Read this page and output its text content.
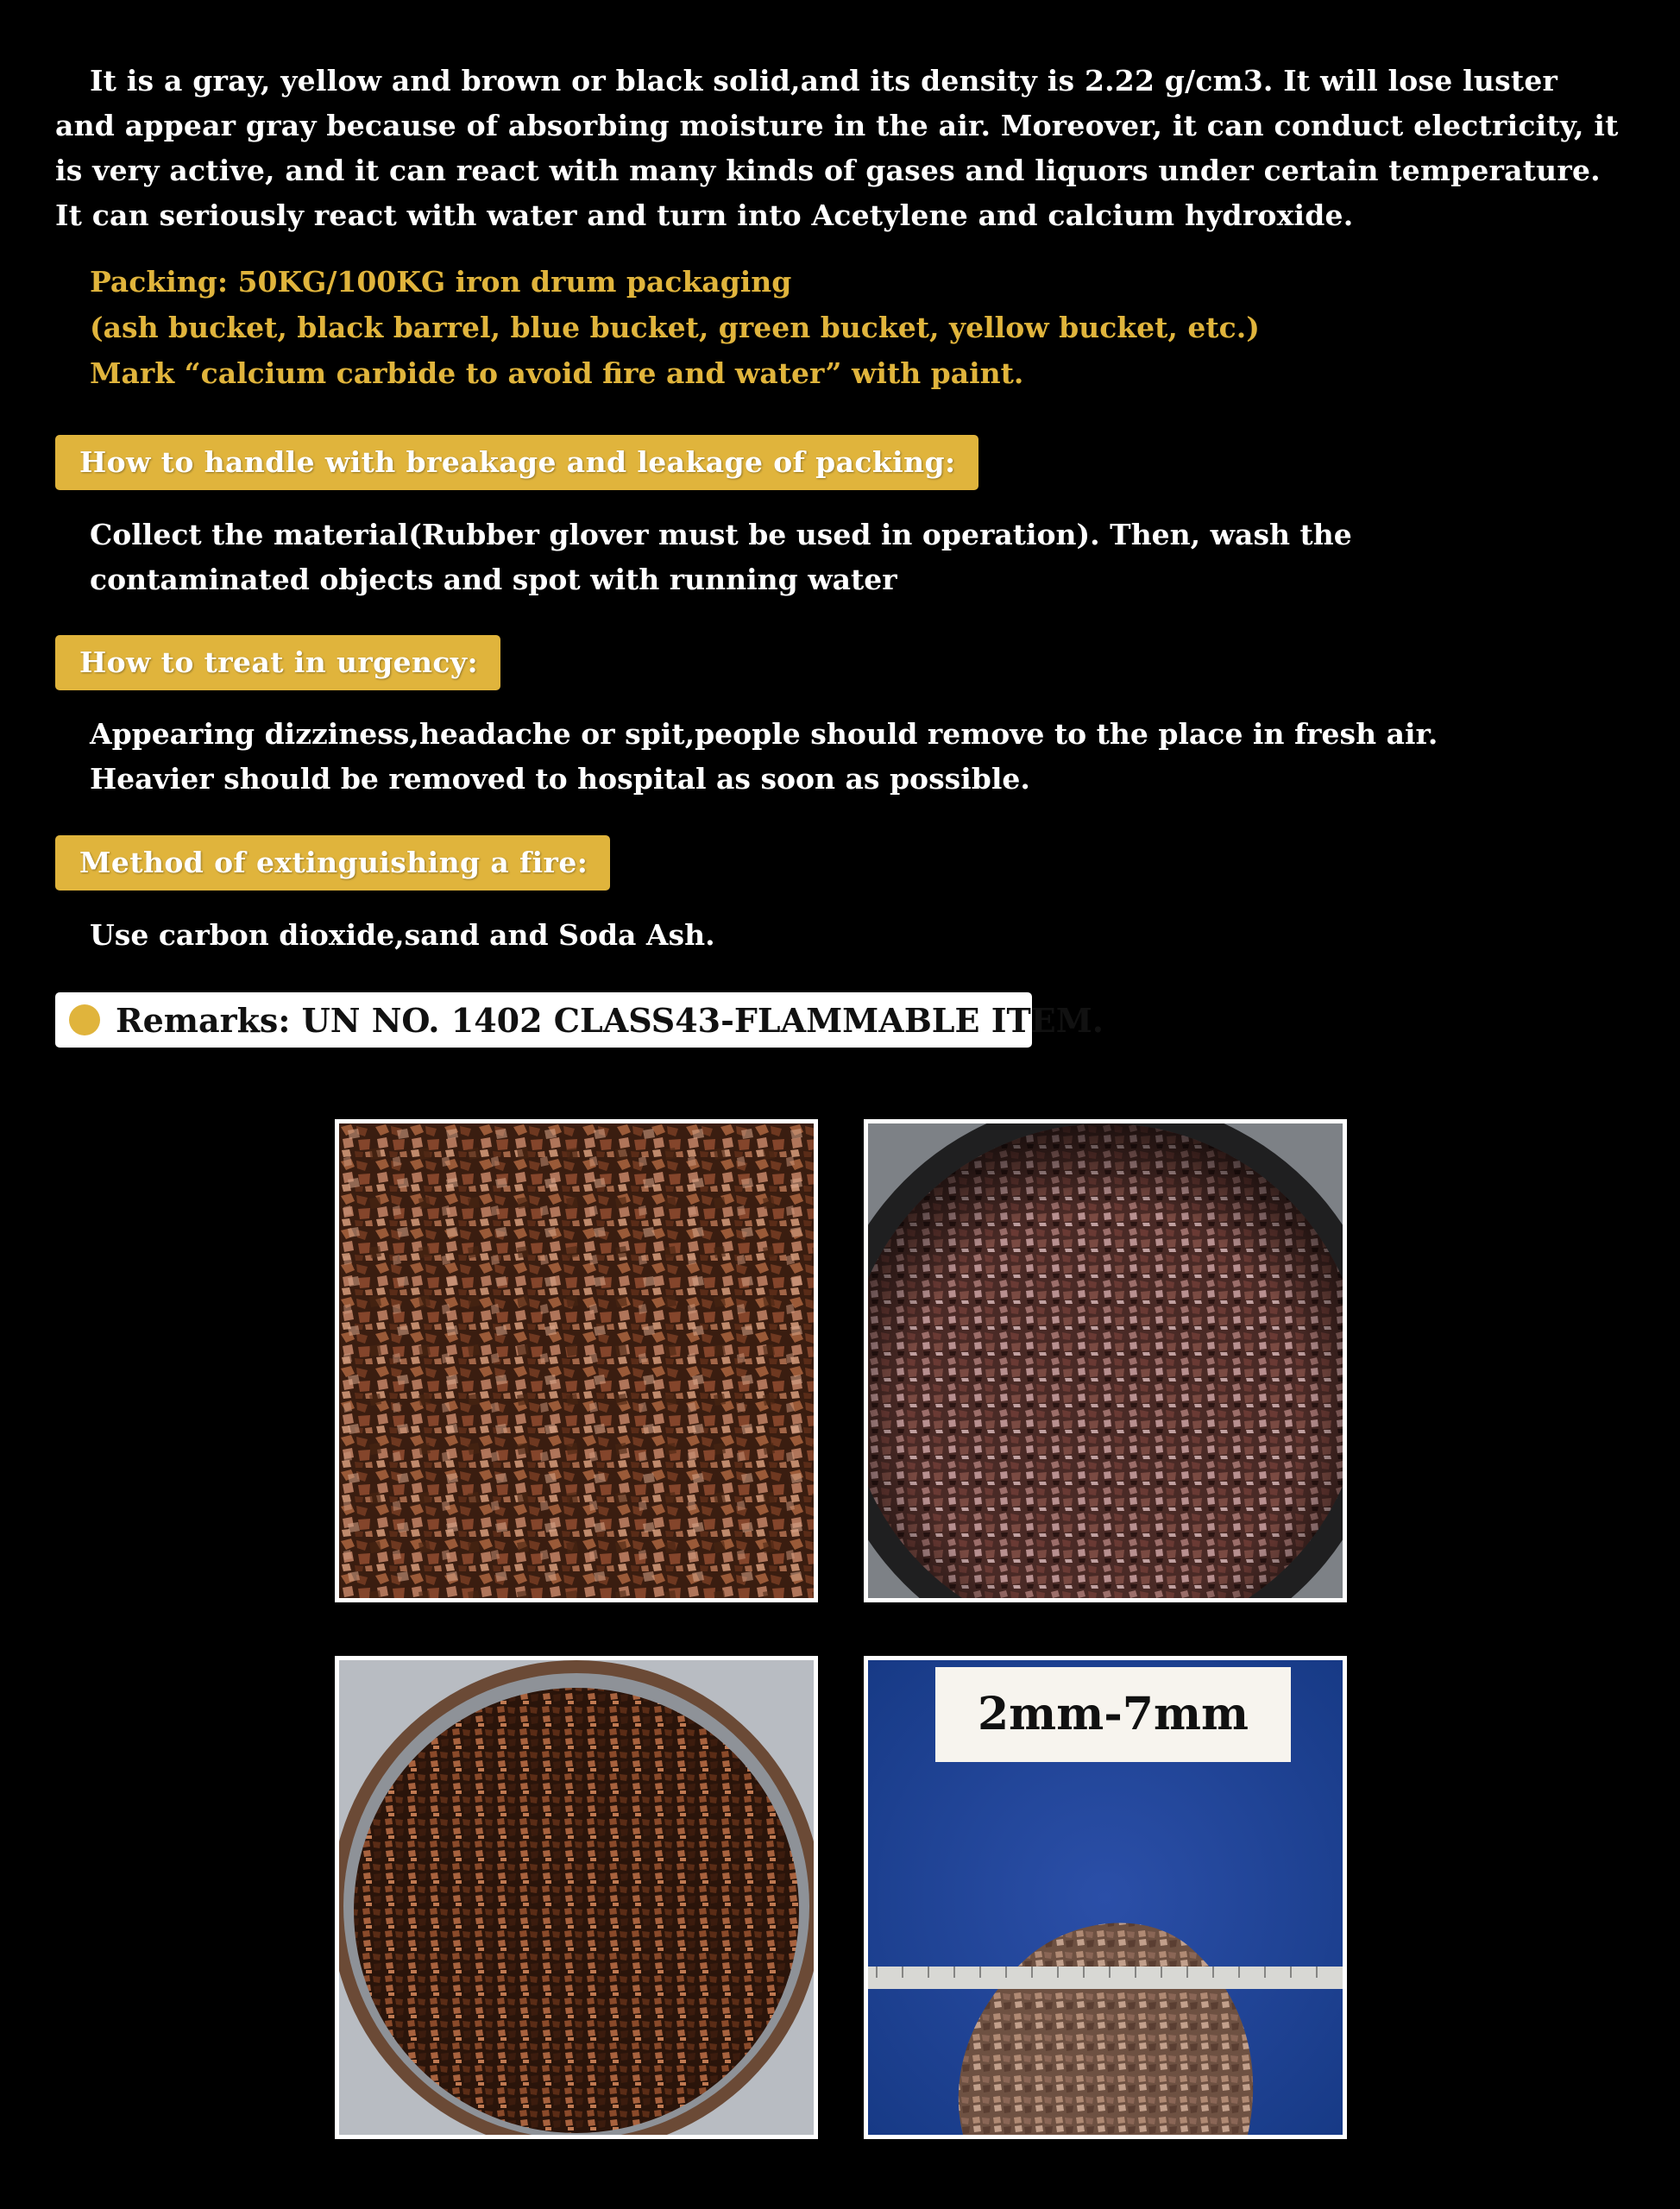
It is a gray, yellow and brown or black solid,and its density is 2.22 g/cm3. It will lose luster and appear gray because of absorbing moisture in the air. Moreover, it can conduct electricity, it is very active, and it can react with many kinds of gases and liquors under certain temperature. It can seriously react with water and turn into Acetylene and calcium hydroxide.
Packing: 50KG/100KG iron drum packaging
(ash bucket, black barrel, blue bucket, green bucket, yellow bucket, etc.)
Mark “calcium carbide to avoid fire and water” with paint.
How to handle with breakage and leakage of packing:
Collect the material(Rubber glover must be used in operation). Then, wash the contaminated objects and spot with running water
How to treat in urgency:
Appearing dizziness,headache or spit,people should remove to the place in fresh air. Heavier should be removed to hospital as soon as possible.
Method of extinguishing a fire:
Use carbon dioxide,sand and Soda Ash.
Remarks: UN NO. 1402 CLASS43-FLAMMABLE ITEM.
2mm-7mm
